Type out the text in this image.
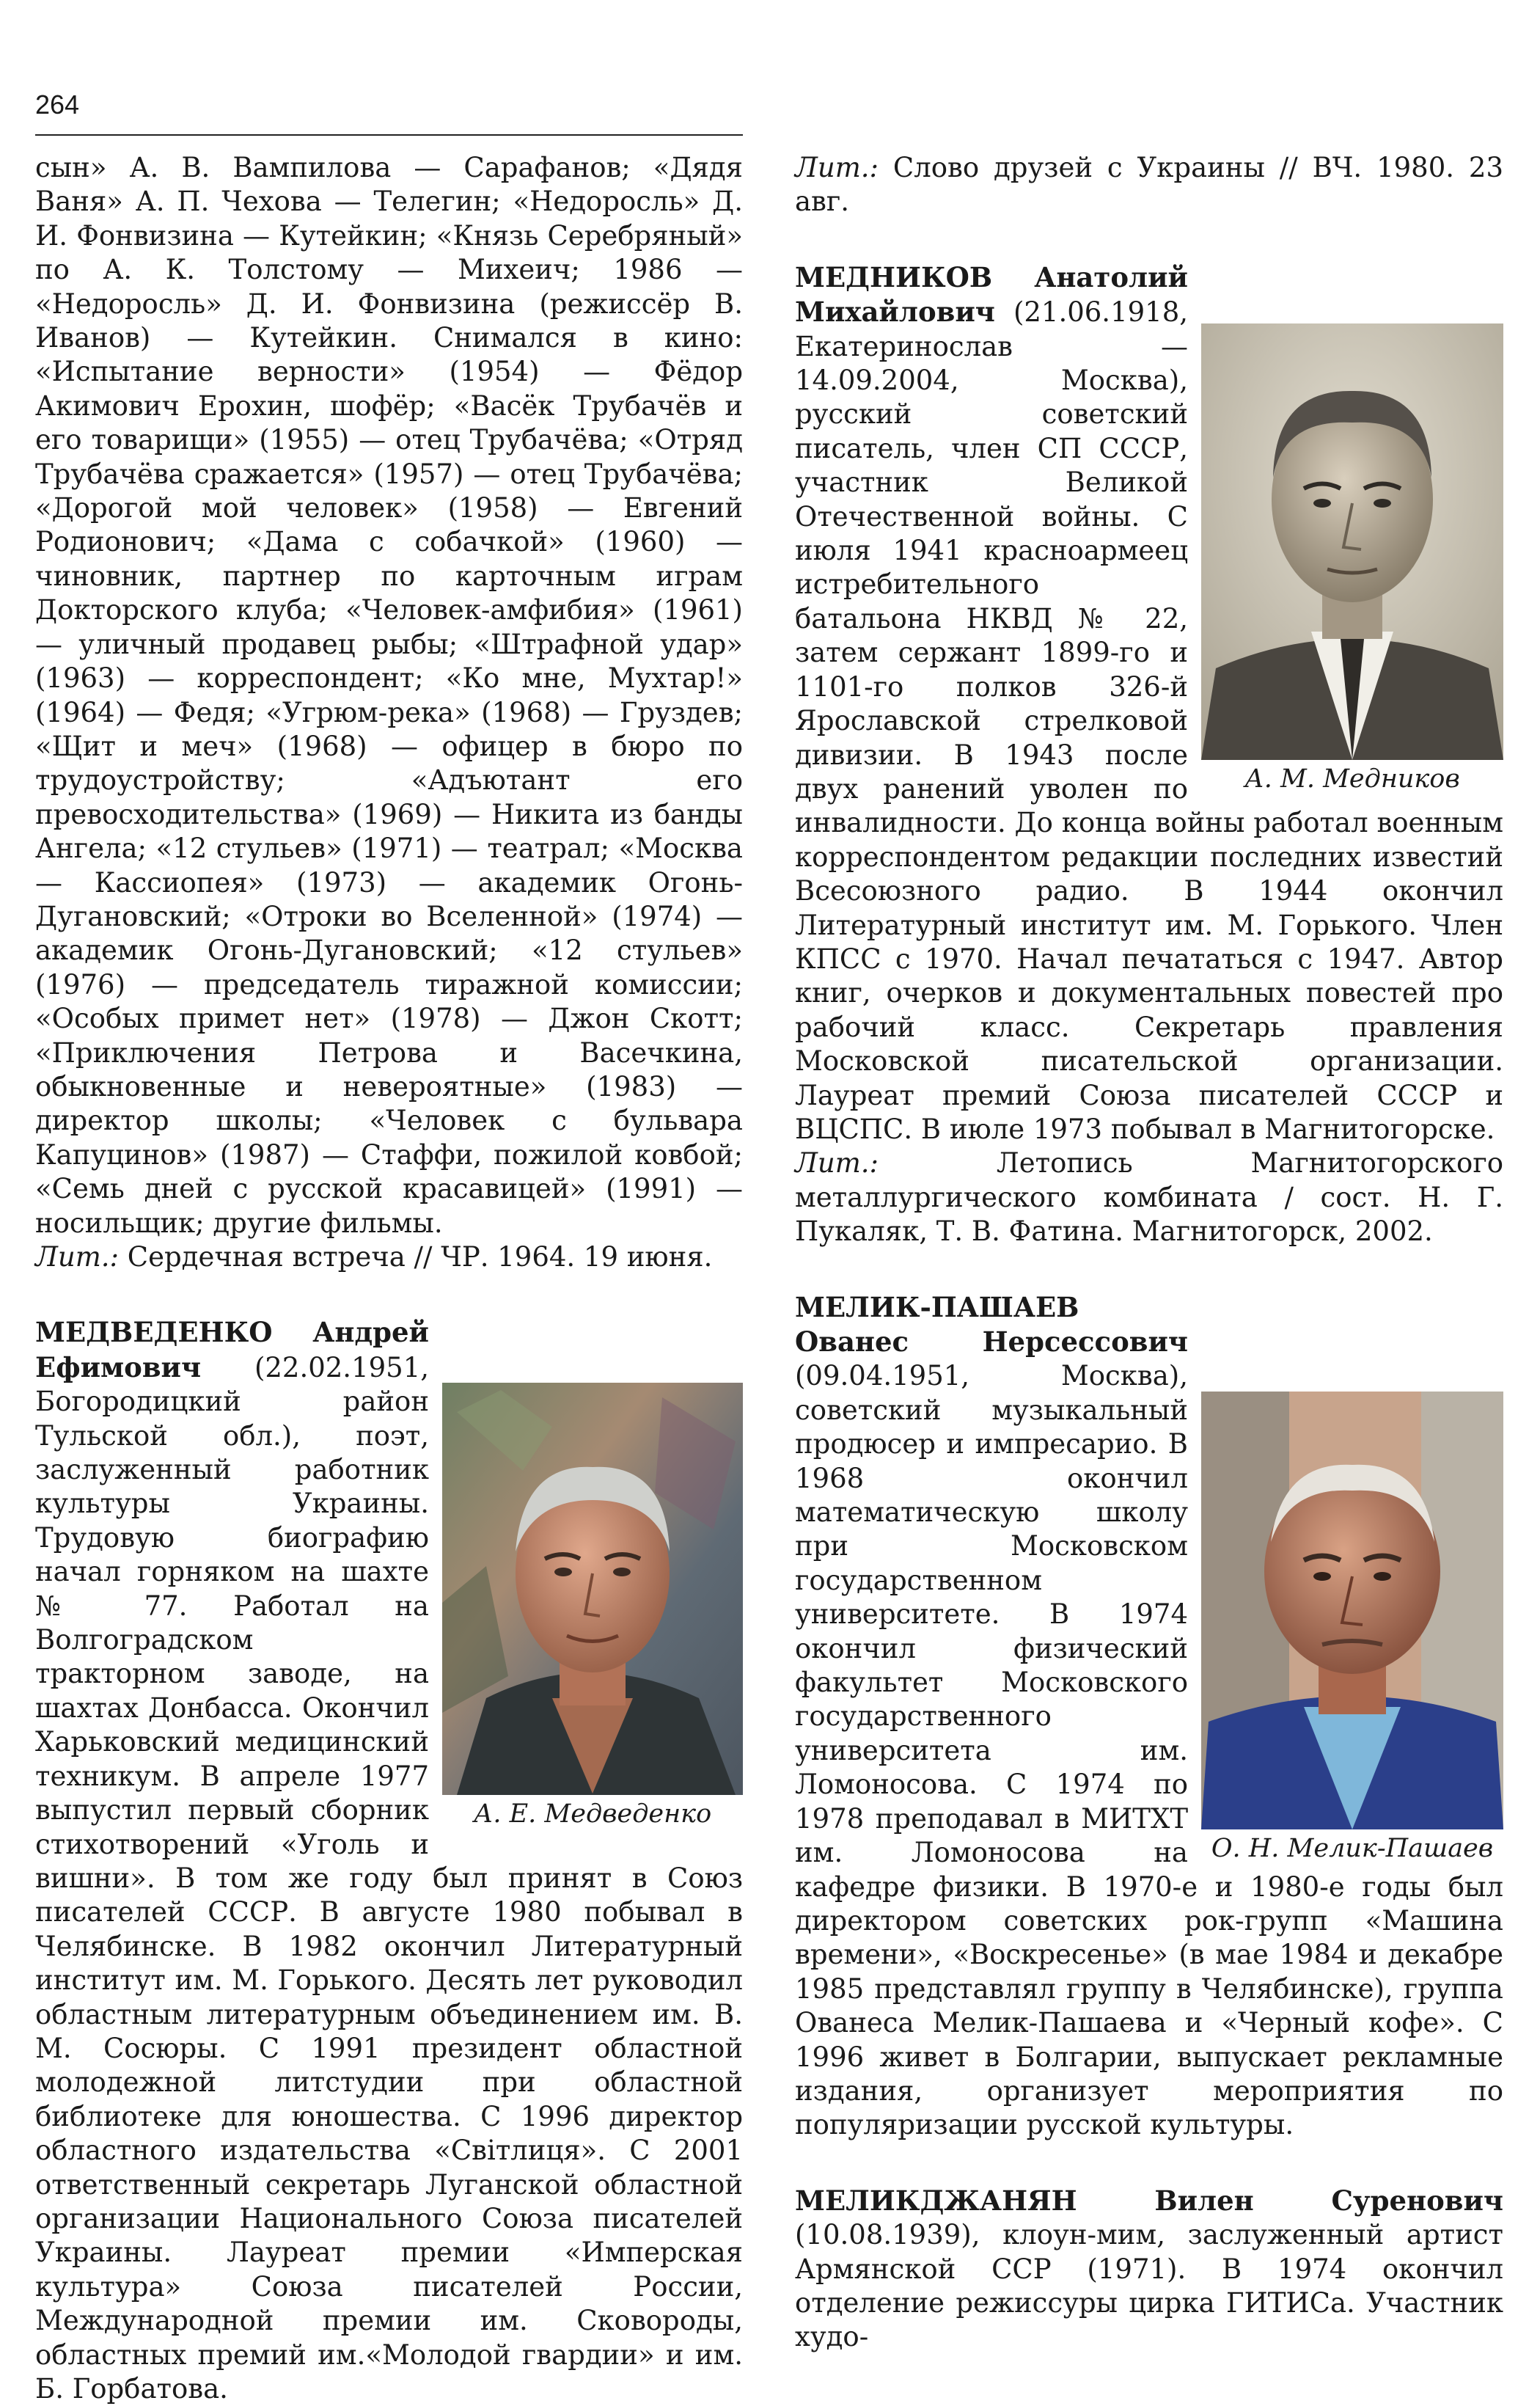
264

сын» А. В. Вампилова — Сарафанов; «Дядя Ваня» А. П. Чехова — Телегин; «Недоросль» Д. И. Фонвизина — Кутейкин; «Князь Серебряный» по А. К. Толстому — Михеич; 1986 — «Недоросль» Д. И. Фонвизина (режиссёр В. Иванов) — Кутейкин. Снимался в кино: «Испытание верности» (1954) — Фёдор Акимович Ерохин, шофёр; «Васёк Трубачёв и его товарищи» (1955) — отец Трубачёва; «Отряд Трубачёва сражается» (1957) — отец Трубачёва; «Дорогой мой человек» (1958) — Евгений Родионович; «Дама с собачкой» (1960) — чиновник, партнер по карточным играм Докторского клуба; «Человек-амфибия» (1961) — уличный продавец рыбы; «Штрафной удар» (1963) — корреспондент; «Ко мне, Мухтар!» (1964) — Федя; «Угрюм-река» (1968) — Груздев; «Щит и меч» (1968) — офицер в бюро по трудоустройству; «Адъютант его превосходительства» (1969) — Никита из банды Ангела; «12 стульев» (1971) — театрал; «Москва — Кассиопея» (1973) — академик Огонь-Дугановский; «Отроки во Вселенной» (1974) — академик Огонь-Дугановский; «12 стульев» (1976) — председатель тиражной комиссии; «Особых примет нет» (1978) — Джон Скотт; «Приключения Петрова и Васечкина, обыкновенные и невероятные» (1983) — директор школы; «Человек с бульвара Капуцинов» (1987) — Стаффи, пожилой ковбой; «Семь дней с русской красавицей» (1991) — носильщик; другие фильмы.

Лит.: Сердечная встреча // ЧР. 1964. 19 июня.

А. Е. Медведенко

МЕДВЕДЕНКО Андрей Ефимович (22.02.1951, Богородицкий район Тульской обл.), поэт, заслуженный работник культуры Украины. Трудовую биографию начал горняком на шахте № 77. Работал на Волгоградском тракторном заводе, на шахтах Донбасса. Окончил Харьковский медицинский техникум. В апреле 1977 выпустил первый сборник стихотворений «Уголь и вишни». В том же году был принят в Союз писателей СССР. В августе 1980 побывал в Челябинске. В 1982 окончил Литературный институт им. М. Горького. Десять лет руководил областным литературным объединением им. В. М. Сосюры. С 1991 президент областной молодежной литстудии при областной библиотеке для юношества. С 1996 директор областного издательства «Світлиця». С 2001 ответственный секретарь Луганской областной организации Национального Союза писателей Украины. Лауреат премии «Имперская культура» Союза писателей России, Международной премии им. Сковороды, областных премий им.«Молодой гвардии» и им. Б. Горбатова.

Лит.: Слово друзей с Украины // ВЧ. 1980. 23 авг.

А. М. Медников

МЕДНИКОВ Анатолий Михайлович (21.06.1918, Екатеринослав — 14.09.2004, Москва), русский советский писатель, член СП СССР, участник Великой Отечественной войны. С июля 1941 красноармеец истребительного батальона НКВД № 22, затем сержант 1899-го и 1101-го полков 326-й Ярославской стрелковой дивизии. В 1943 после двух ранений уволен по инвалидности. До конца войны работал военным корреспондентом редакции последних известий Всесоюзного радио. В 1944 окончил Литературный институт им. М. Горького. Член КПСС с 1970. Начал печататься с 1947. Автор книг, очерков и документальных повестей про рабочий класс. Секретарь правления Московской писательской организации. Лауреат премий Союза писателей СССР и ВЦСПС. В июле 1973 побывал в Магнитогорске.

Лит.: Летопись Магнитогорского металлургического комбината / сост. Н. Г. Пукаляк, Т. В. Фатина. Магнитогорск, 2002.

О. Н. Мелик-Пашаев

МЕЛИК-ПАШАЕВ Ованес Нерсессович (09.04.1951, Москва), советский музыкальный продюсер и импресарио. В 1968 окончил математическую школу при Московском государственном университете. В 1974 окончил физический факультет Московского государственного университета им. Ломоносова. С 1974 по 1978 преподавал в МИТХТ им. Ломоносова на кафедре физики. В 1970-е и 1980-е годы был директором советских рок-групп «Машина времени», «Воскресенье» (в мае 1984 и декабре 1985 представлял группу в Челябинске), группа Ованеса Мелик-Пашаева и «Черный кофе». С 1996 живет в Болгарии, выпускает рекламные издания, организует мероприятия по популяризации русской культуры.

МЕЛИКДЖАНЯН Вилен Суренович (10.08.1939), клоун-мим, заслуженный артист Армянской ССР (1971). В 1974 окончил отделение режиссуры цирка ГИТИСа. Участник худо-
